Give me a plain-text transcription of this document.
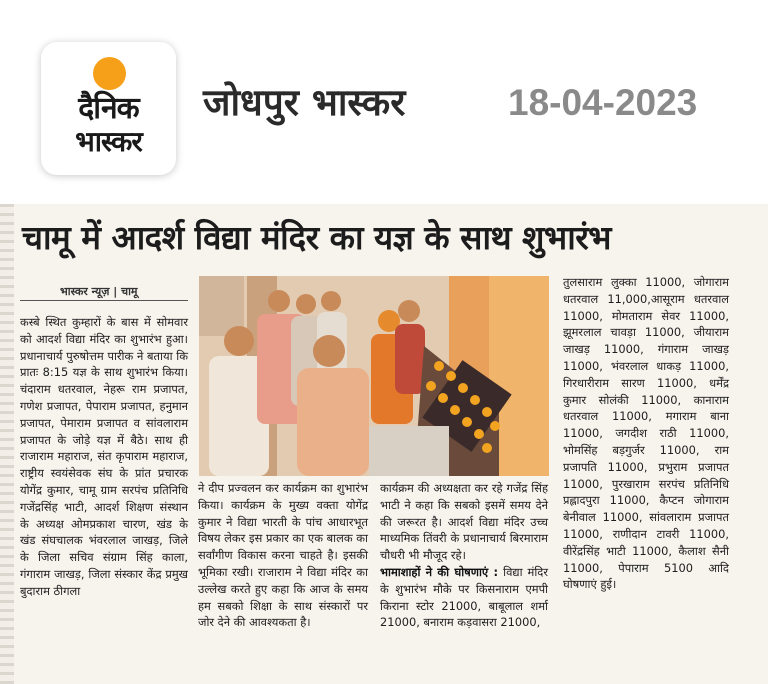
दैनिक
भास्कर
जोधपुर भास्कर	18-04-2023
चामू में आदर्श विद्या मंदिर का यज्ञ के साथ शुभारंभ
भास्कर न्यूज़ | चामू

कस्बे स्थित कुम्हारों के बास में सोमवार को आदर्श विद्या मंदिर का शुभारंभ हुआ। प्रधानाचार्य पुरुषोत्तम पारीक ने बताया कि प्रातः 8:15 यज्ञ के साथ शुभारंभ किया। चंदाराम धतरवाल, नेहरू राम प्रजापत, गणेश प्रजापत, पेपाराम प्रजापत, हनुमान प्रजापत, पेमाराम प्रजापत व सांवलाराम प्रजापत के जोड़े यज्ञ में बैठे। साथ ही राजाराम महाराज, संत कृपाराम महाराज, राष्ट्रीय स्वयंसेवक संघ के प्रांत प्रचारक योगेंद्र कुमार, चामू ग्राम सरपंच प्रतिनिधि गजेंद्रसिंह भाटी, आदर्श शिक्षण संस्थान के अध्यक्ष ओमप्रकाश चारण, खंड के खंड संघचालक भंवरलाल जाखड़, जिले के जिला सचिव संग्राम सिंह काला, गंगाराम जाखड़, जिला संस्कार केंद्र प्रमुख बुदाराम ठीगला

ने दीप प्रज्वलन कर कार्यक्रम का शुभारंभ किया। कार्यक्रम के मुख्य वक्ता योगेंद्र कुमार ने विद्या भारती के पांच आधारभूत विषय लेकर इस प्रकार का एक बालक का सर्वांगीण विकास करना चाहते है। इसकी भूमिका रखी। राजाराम ने विद्या मंदिर का उल्लेख करते हुए कहा कि आज के समय हम सबको शिक्षा के साथ संस्कारों पर जोर देने की आवश्यकता है।

कार्यक्रम की अध्यक्षता कर रहे गजेंद्र सिंह भाटी ने कहा कि सबको इसमें समय देने की जरूरत है। आदर्श विद्या मंदिर उच्च माध्यमिक तिंवरी के प्रधानाचार्य बिरमाराम चौधरी भी मौजूद रहे।

भामाशाहों ने की घोषणाएं : विद्या मंदिर के शुभारंभ मौके पर किसनाराम एमपी किराना स्टोर 21000, बाबूलाल शर्मा 21000, बनाराम कड़वासरा 21000,

तुलसाराम लुक्का 11000, जोगाराम धतरवाल 11,000,आसूराम धतरवाल 11000, मोमताराम सेवर 11000, झूमरलाल चावड़ा 11000, जीयाराम जाखड़ 11000, गंगाराम जाखड़ 11000, भंवरलाल धाकड़ 11000, गिरधारीराम सारण 11000, धर्मेंद्र कुमार सोलंकी 11000, कानाराम धतरवाल 11000, मगाराम बाना 11000, जगदीश राठी 11000, भोमसिंह बड़गुर्जर 11000, राम प्रजापति 11000, प्रभुराम प्रजापत 11000, पुरखाराम सरपंच प्रतिनिधि प्रह्लादपुरा 11000, कैप्टन जोगाराम बेनीवाल 11000, सांवलाराम प्रजापत 11000, राणीदान टावरी 11000, वीरेंद्रसिंह भाटी 11000, कैलाश सैनी 11000, पेपाराम 5100 आदि घोषणाएं हुई।
